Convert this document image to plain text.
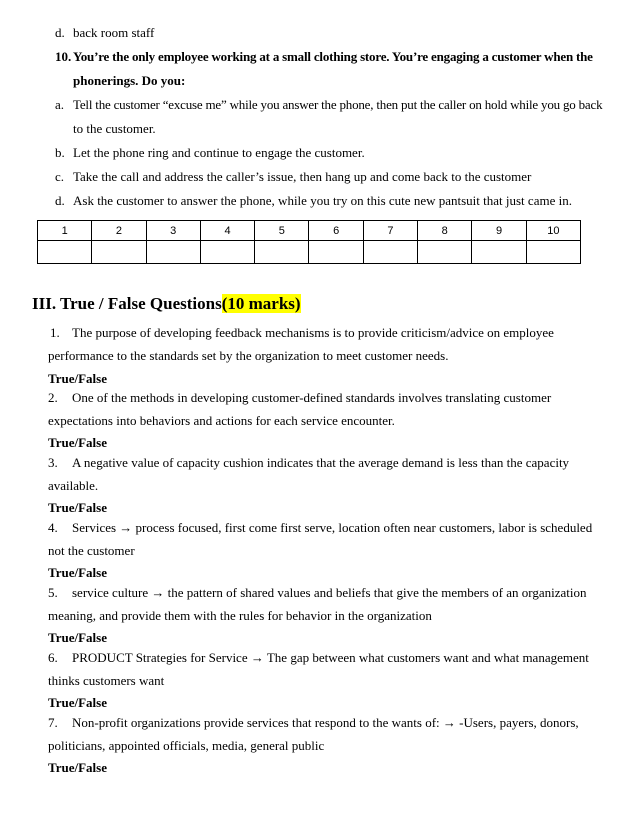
d. back room staff
10. You’re the only employee working at a small clothing store. You’re engaging a customer when the
phonerings. Do you:
a. Tell the customer “excuse me” while you answer the phone, then put the caller on hold while you go back
to the customer.
b. Let the phone ring and continue to engage the customer.
c. Take the call and address the caller’s issue, then hang up and come back to the customer
d. Ask the customer to answer the phone, while you try on this cute new pantsuit that just came in.
1	2	3	4	5	6	7	8	9	10

III. True / False Questions(10 marks)
1. The purpose of developing feedback mechanisms is to provide criticism/advice on employee
performance to the standards set by the organization to meet customer needs.
True/False
2. One of the methods in developing customer-defined standards involves translating customer
expectations into behaviors and actions for each service encounter.
True/False
3. A negative value of capacity cushion indicates that the average demand is less than the capacity
available.
True/False
4. Services → process focused, first come first serve, location often near customers, labor is scheduled
not the customer
True/False
5. service culture → the pattern of shared values and beliefs that give the members of an organization
meaning, and provide them with the rules for behavior in the organization
True/False
6. PRODUCT Strategies for Service → The gap between what customers want and what management
thinks customers want
True/False
7. Non-profit organizations provide services that respond to the wants of: → -Users, payers, donors,
politicians, appointed officials, media, general public
True/False
